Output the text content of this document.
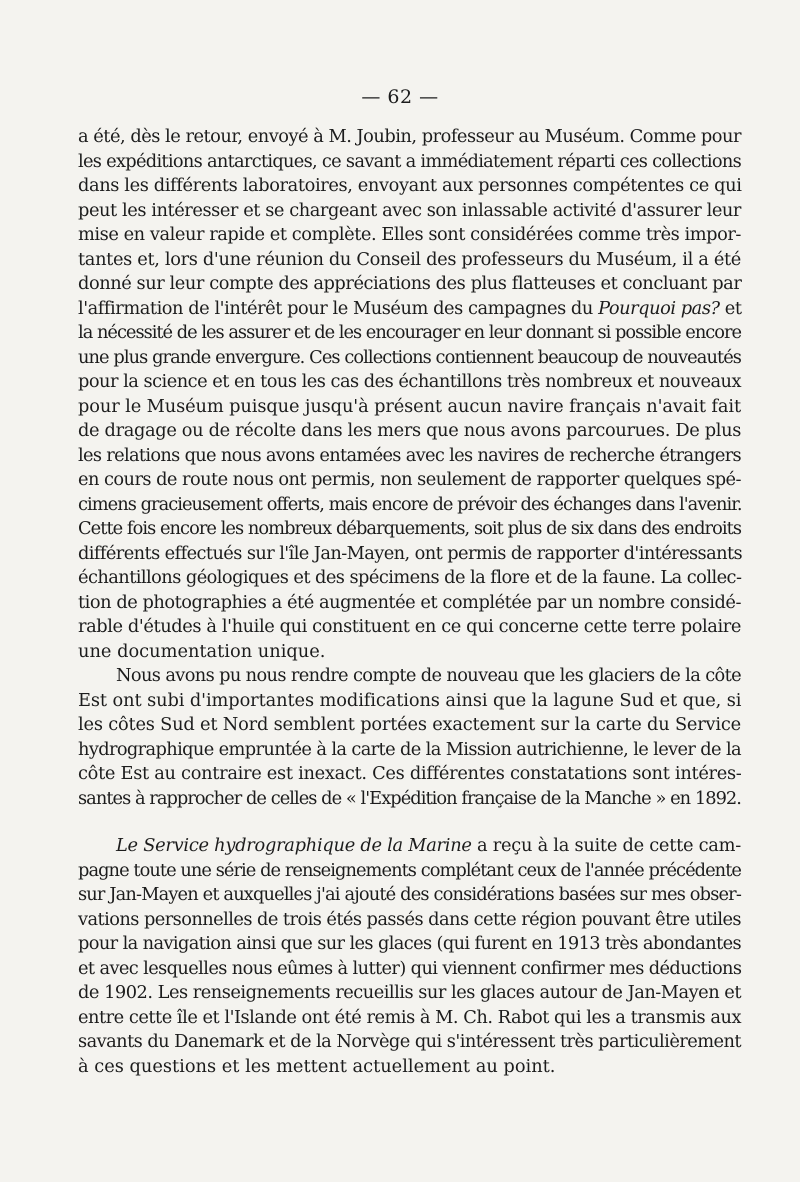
— 62 —
a été, dès le retour, envoyé à M. Joubin, professeur au Muséum. Comme pour
les expéditions antarctiques, ce savant a immédiatement réparti ces collections
dans les différents laboratoires, envoyant aux personnes compétentes ce qui
peut les intéresser et se chargeant avec son inlassable activité d'assurer leur
mise en valeur rapide et complète. Elles sont considérées comme très impor-
tantes et, lors d'une réunion du Conseil des professeurs du Muséum, il a été
donné sur leur compte des appréciations des plus flatteuses et concluant par
l'affirmation de l'intérêt pour le Muséum des campagnes du Pourquoi pas? et
la nécessité de les assurer et de les encourager en leur donnant si possible encore
une plus grande envergure. Ces collections contiennent beaucoup de nouveautés
pour la science et en tous les cas des échantillons très nombreux et nouveaux
pour le Muséum puisque jusqu'à présent aucun navire français n'avait fait
de dragage ou de récolte dans les mers que nous avons parcourues. De plus
les relations que nous avons entamées avec les navires de recherche étrangers
en cours de route nous ont permis, non seulement de rapporter quelques spé-
cimens gracieusement offerts, mais encore de prévoir des échanges dans l'avenir.
Cette fois encore les nombreux débarquements, soit plus de six dans des endroits
différents effectués sur l'île Jan-Mayen, ont permis de rapporter d'intéressants
échantillons géologiques et des spécimens de la flore et de la faune. La collec-
tion de photographies a été augmentée et complétée par un nombre considé-
rable d'études à l'huile qui constituent en ce qui concerne cette terre polaire
une documentation unique.
Nous avons pu nous rendre compte de nouveau que les glaciers de la côte
Est ont subi d'importantes modifications ainsi que la lagune Sud et que, si
les côtes Sud et Nord semblent portées exactement sur la carte du Service
hydrographique empruntée à la carte de la Mission autrichienne, le lever de la
côte Est au contraire est inexact. Ces différentes constatations sont intéres-
santes à rapprocher de celles de « l'Expédition française de la Manche » en 1892.
Le Service hydrographique de la Marine a reçu à la suite de cette cam-
pagne toute une série de renseignements complétant ceux de l'année précédente
sur Jan-Mayen et auxquelles j'ai ajouté des considérations basées sur mes obser-
vations personnelles de trois étés passés dans cette région pouvant être utiles
pour la navigation ainsi que sur les glaces (qui furent en 1913 très abondantes
et avec lesquelles nous eûmes à lutter) qui viennent confirmer mes déductions
de 1902. Les renseignements recueillis sur les glaces autour de Jan-Mayen et
entre cette île et l'Islande ont été remis à M. Ch. Rabot qui les a transmis aux
savants du Danemark et de la Norvège qui s'intéressent très particulièrement
à ces questions et les mettent actuellement au point.
